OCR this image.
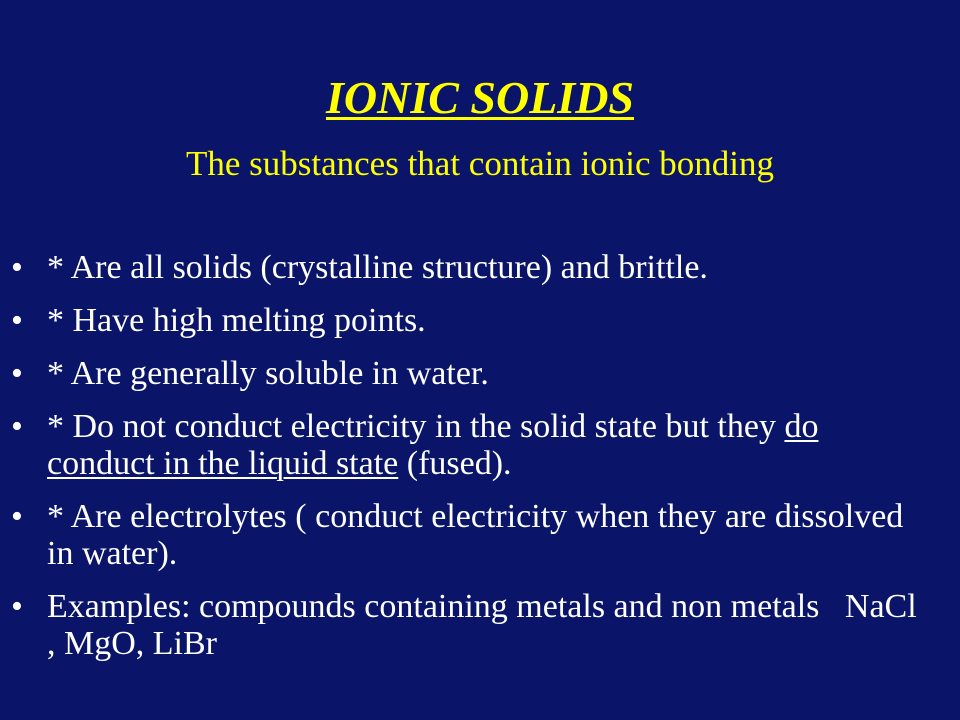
IONIC SOLIDS

The substances that contain ionic bonding

• * Are all solids (crystalline structure) and brittle.
• * Have high melting points.
• * Are generally soluble in water.
• * Do not conduct electricity in the solid state but they do conduct in the liquid state (fused).
• * Are electrolytes ( conduct electricity when they are dissolved in water).
• Examples: compounds containing metals and non metals   NaCl , MgO, LiBr
